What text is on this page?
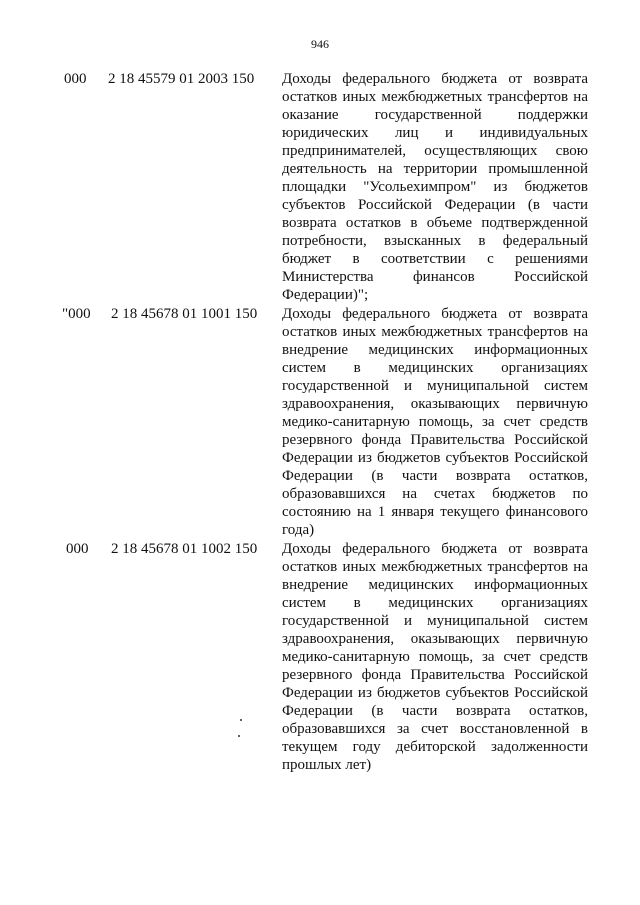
946
000 2 18 45579 01 2003 150 Доходы федерального бюджета от возврата остатков иных межбюджетных трансфертов на оказание государственной поддержки юридических лиц и индивидуальных предпринимателей, осуществляющих свою деятельность на территории промышленной площадки "Усольехимпром" из бюджетов субъектов Российской Федерации (в части возврата остатков в объеме подтвержденной потребности, взысканных в федеральный бюджет в соответствии с решениями Министерства финансов Российской Федерации)";
"000 2 18 45678 01 1001 150 Доходы федерального бюджета от возврата остатков иных межбюджетных трансфертов на внедрение медицинских информационных систем в медицинских организациях государственной и муниципальной систем здравоохранения, оказывающих первичную медико-санитарную помощь, за счет средств резервного фонда Правительства Российской Федерации из бюджетов субъектов Российской Федерации (в части возврата остатков, образовавшихся на счетах бюджетов по состоянию на 1 января текущего финансового года)
000 2 18 45678 01 1002 150 Доходы федерального бюджета от возврата остатков иных межбюджетных трансфертов на внедрение медицинских информационных систем в медицинских организациях государственной и муниципальной систем здравоохранения, оказывающих первичную медико-санитарную помощь, за счет средств резервного фонда Правительства Российской Федерации из бюджетов субъектов Российской Федерации (в части возврата остатков, образовавшихся за счет восстановленной в текущем году дебиторской задолженности прошлых лет)
